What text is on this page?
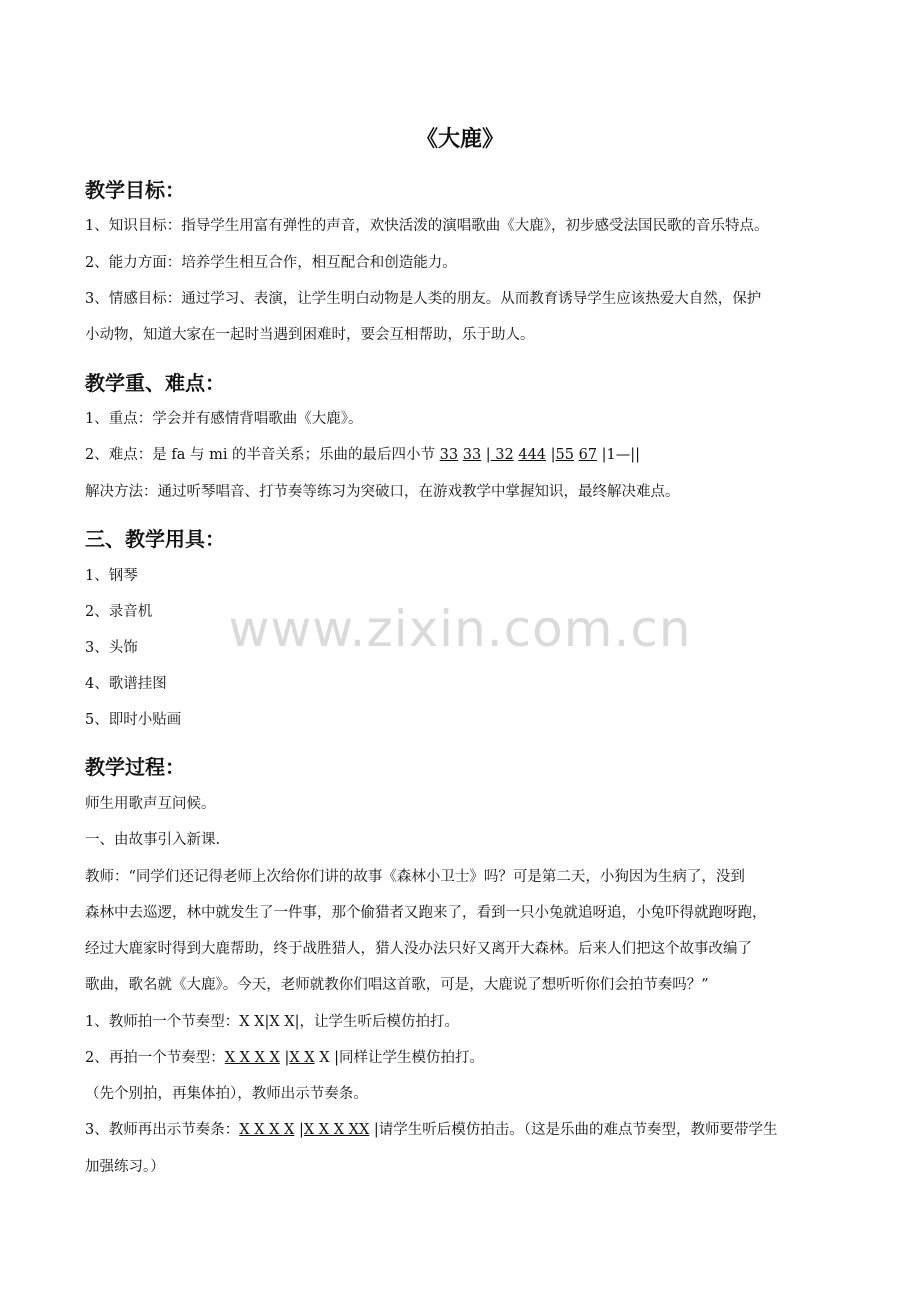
《大鹿》
教学目标：
1、知识目标：指导学生用富有弹性的声音，欢快活泼的演唱歌曲《大鹿》，初步感受法国民歌的音乐特点。
2、能力方面：培养学生相互合作，相互配合和创造能力。
3、情感目标：通过学习、表演，让学生明白动物是人类的朋友。从而教育诱导学生应该热爱大自然，保护
小动物，知道大家在一起时当遇到困难时，要会互相帮助，乐于助人。
教学重、难点：
1、重点：学会并有感情背唱歌曲《大鹿》。
2、难点：是 fa 与 mi 的半音关系；乐曲的最后四小节 33 33 | 32 444 |55 67 |1—||
解决方法：通过听琴唱音、打节奏等练习为突破口，在游戏教学中掌握知识，最终解决难点。
三、教学用具：
1、钢琴
2、录音机
3、头饰
4、歌谱挂图
5、即时小贴画
教学过程：
师生用歌声互问候。
一、由故事引入新课.
教师：“同学们还记得老师上次给你们讲的故事《森林小卫士》吗？可是第二天，小狗因为生病了，没到
森林中去巡逻，林中就发生了一件事，那个偷猎者又跑来了，看到一只小兔就追呀追，小兔吓得就跑呀跑，
经过大鹿家时得到大鹿帮助，终于战胜猎人，猎人没办法只好又离开大森林。后来人们把这个故事改编了
歌曲，歌名就《大鹿》。今天，老师就教你们唱这首歌，可是，大鹿说了想听听你们会拍节奏吗？”
1、教师拍一个节奏型：X X|X X|，让学生听后模仿拍打。
2、再拍一个节奏型：X X X X |X X X |同样让学生模仿拍打。
（先个别拍，再集体拍），教师出示节奏条。
3、教师再出示节奏条：X X X X |X X X XX |请学生听后模仿拍击。（这是乐曲的难点节奏型，教师要带学生
加强练习。）
www.zixin.com.cn
